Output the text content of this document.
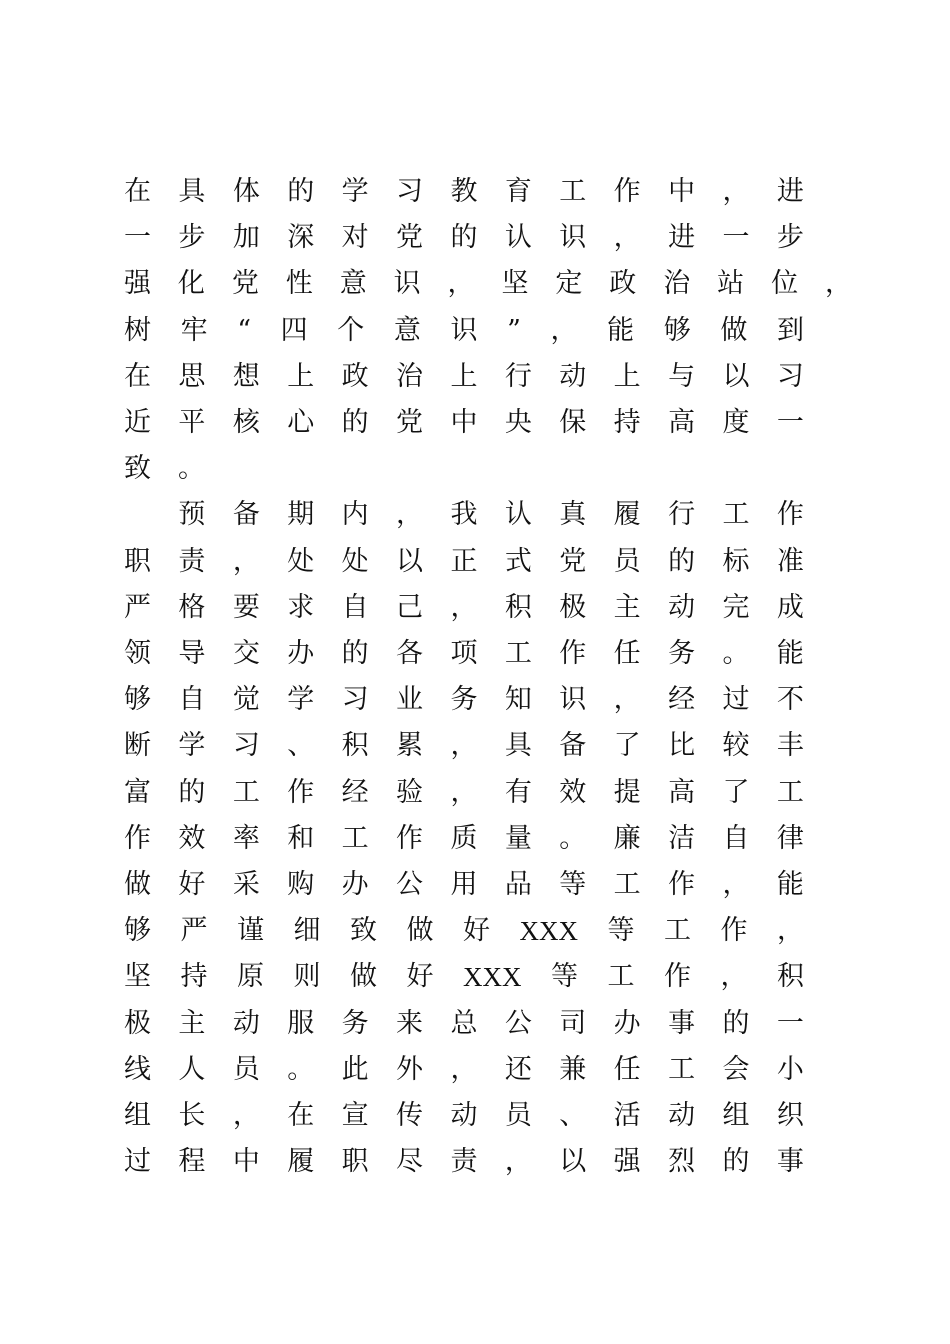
在 具 体 的 学 习 教 育 工 作 中 ， 进
一 步 加 深 对 党 的 认 识 ， 进 一 步
强 化 党 性 意 识 ， 坚 定 政 治 站 位 ，
树 牢 “ 四 个 意 识 ” ， 能 够 做 到
在 思 想 上 政 治 上 行 动 上 与 以 习
近 平 核 心 的 党 中 央 保 持 高 度 一
致 。
预 备 期 内 ， 我 认 真 履 行 工 作
职 责 ， 处 处 以 正 式 党 员 的 标 准
严 格 要 求 自 己 ， 积 极 主 动 完 成
领 导 交 办 的 各 项 工 作 任 务 。 能
够 自 觉 学 习 业 务 知 识 ， 经 过 不
断 学 习 、 积 累 ， 具 备 了 比 较 丰
富 的 工 作 经 验 ， 有 效 提 高 了 工
作 效 率 和 工 作 质 量 。 廉 洁 自 律
做 好 采 购 办 公 用 品 等 工 作 ， 能
够 严 谨 细 致 做 好 XXX 等 工 作 ，
坚 持 原 则 做 好 XXX 等 工 作 ， 积
极 主 动 服 务 来 总 公 司 办 事 的 一
线 人 员 。 此 外 ， 还 兼 任 工 会 小
组 长 ， 在 宣 传 动 员 、 活 动 组 织
过 程 中 履 职 尽 责 ， 以 强 烈 的 事
